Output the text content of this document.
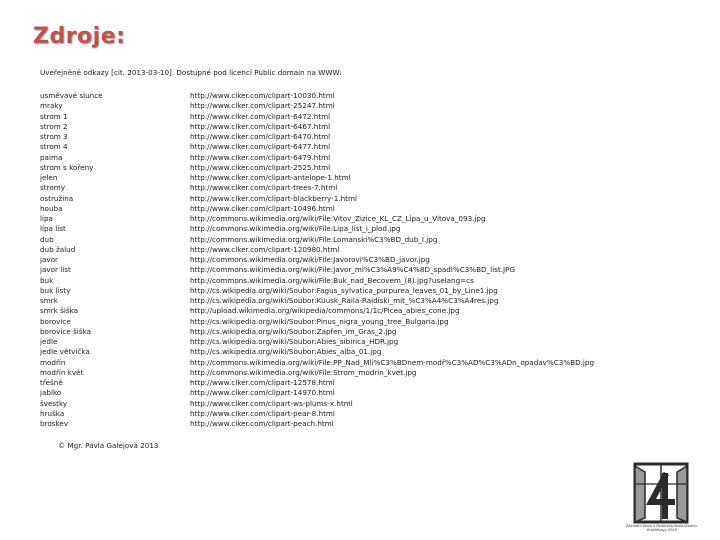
Zdroje:
Uveřejněné odkazy [cit. 2013-03-10]. Dostupné pod licencí Public domain na WWW:
usměvavé slunce
mraky
strom 1
strom 2
strom 3
strom 4
palma
strom s kořeny
jelen
stromy
ostružina
houba
lípa
lípa list
dub
dub žalud
javor
javor list
buk
buk listy
smrk
smrk šiška
borovice
borovice šiška
jedle
jedle větvička
modřín
modřín květ
třešně
jablko
švestky
hruška
broskev
http://www.clker.com/clipart-10030.html
http://www.clker.com/clipart-25247.html
http://www.clker.com/clipart-6472.html
http://www.clker.com/clipart-6467.html
http://www.clker.com/clipart-6470.html
http://www.clker.com/clipart-6477.html
http://www.clker.com/clipart-6479.html
http://www.clker.com/clipart-2525.html
http://www.clker.com/clipart-antelope-1.html
http://www.clker.com/clipart-trees-7.html
http://www.clker.com/clipart-blackberry-1.html
http://www.clker.com/clipart-10496.html
http://commons.wikimedia.org/wiki/File:Vitov_Zizice_KL_CZ_Lipa_u_Vitova_093.jpg
http://commons.wikimedia.org/wiki/File:Lipa_list_i_plod.jpg
http://commons.wikimedia.org/wiki/File:Lomanski%C3%BD_dub_I.jpg
http://www.clker.com/clipart-120980.html
http://commons.wikimedia.org/wiki/File:Javorovi%C3%BD_javor.jpg
http://commons.wikimedia.org/wiki/File:Javor_ml%C3%A9%C4%8D_spadl%C3%BD_list.JPG
http://commons.wikimedia.org/wiki/File:Buk_nad_Becovem_(8).jpg?uselang=cs
http://cs.wikipedia.org/wiki/Soubor:Fagus_sylvatica_purpurea_leaves_01_by_Line1.jpg
http://cs.wikipedia.org/wiki/Soubor:Kuusk_Raila-Raidiski_mit_%C3%A4%C3%A4res.jpg
http://upload.wikimedia.org/wikipedia/commons/1/1c/Picea_abies_cone.jpg
http://cs.wikipedia.org/wiki/Soubor:Pinus_nigra_young_tree_Bulgaria.jpg
http://cs.wikipedia.org/wiki/Soubor:Zapfen_im_Gras_2.jpg
http://cs.wikipedia.org/wiki/Soubor:Abies_sibirica_HDR.jpg
http://cs.wikipedia.org/wiki/Soubor:Abies_alba_01.jpg
http://commons.wikimedia.org/wiki/File:PP_Nad_Mli%C3%BDnem-modř%C3%AD%C3%ADn_opadav%C3%BD.jpg
http://commons.wikimedia.org/wiki/File:Strom_modrin_kvet.jpg
http://www.clker.com/clipart-12578.html
http://www.clker.com/clipart-14970.html
http://www.clker.com/clipart-ws-plums-x.html
http://www.clker.com/clipart-pear-8.html
http://www.clker.com/clipart-peach.html
© Mgr. Pavla Galejová 2013
Základní škola a Mateřská škola Kladno-Kročehlavy 2010
